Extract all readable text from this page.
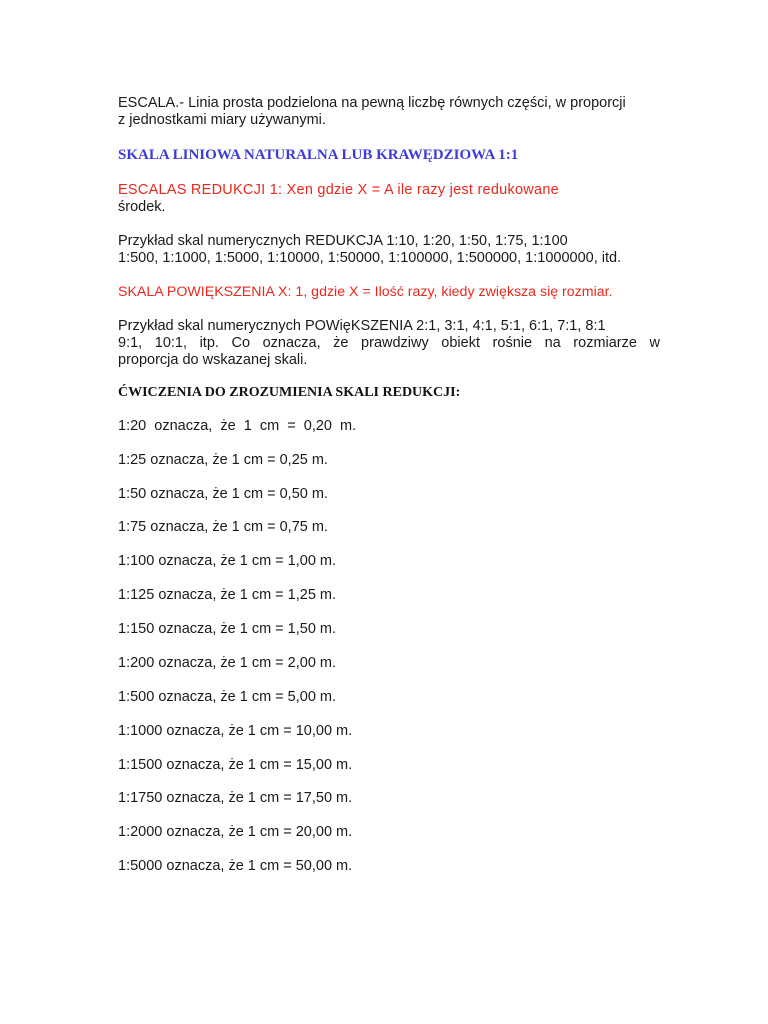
ESCALA.- Linia prosta podzielona na pewną liczbę równych części, w proporcji
z jednostkami miary używanymi.
SKALA LINIOWA NATURALNA LUB KRAWĘDZIOWA 1:1
ESCALAS REDUKCJI 1: Xen gdzie X = A ile razy jest redukowane
środek.
Przykład skal numerycznych REDUKCJA 1:10, 1:20, 1:50, 1:75, 1:100
1:500, 1:1000, 1:5000, 1:10000, 1:50000, 1:100000, 1:500000, 1:1000000, itd.
SKALA POWIĘKSZENIA X: 1, gdzie X = Ilość razy, kiedy zwiększa się rozmiar.
Przykład skal numerycznych POWięKSZENIA 2:1, 3:1, 4:1, 5:1, 6:1, 7:1, 8:1
9:1, 10:1, itp. Co oznacza, że prawdziwy obiekt rośnie na rozmiarze w
proporcja do wskazanej skali.
ĆWICZENIA DO ZROZUMIENIA SKALI REDUKCJI:
1:20  oznacza,  że  1  cm  =  0,20  m.
1:25 oznacza, że 1 cm = 0,25 m.
1:50 oznacza, że 1 cm = 0,50 m.
1:75 oznacza, że 1 cm = 0,75 m.
1:100 oznacza, że 1 cm = 1,00 m.
1:125 oznacza, że 1 cm = 1,25 m.
1:150 oznacza, że 1 cm = 1,50 m.
1:200 oznacza, że 1 cm = 2,00 m.
1:500 oznacza, że 1 cm = 5,00 m.
1:1000 oznacza, że 1 cm = 10,00 m.
1:1500 oznacza, że 1 cm = 15,00 m.
1:1750 oznacza, że 1 cm = 17,50 m.
1:2000 oznacza, że 1 cm = 20,00 m.
1:5000 oznacza, że 1 cm = 50,00 m.
